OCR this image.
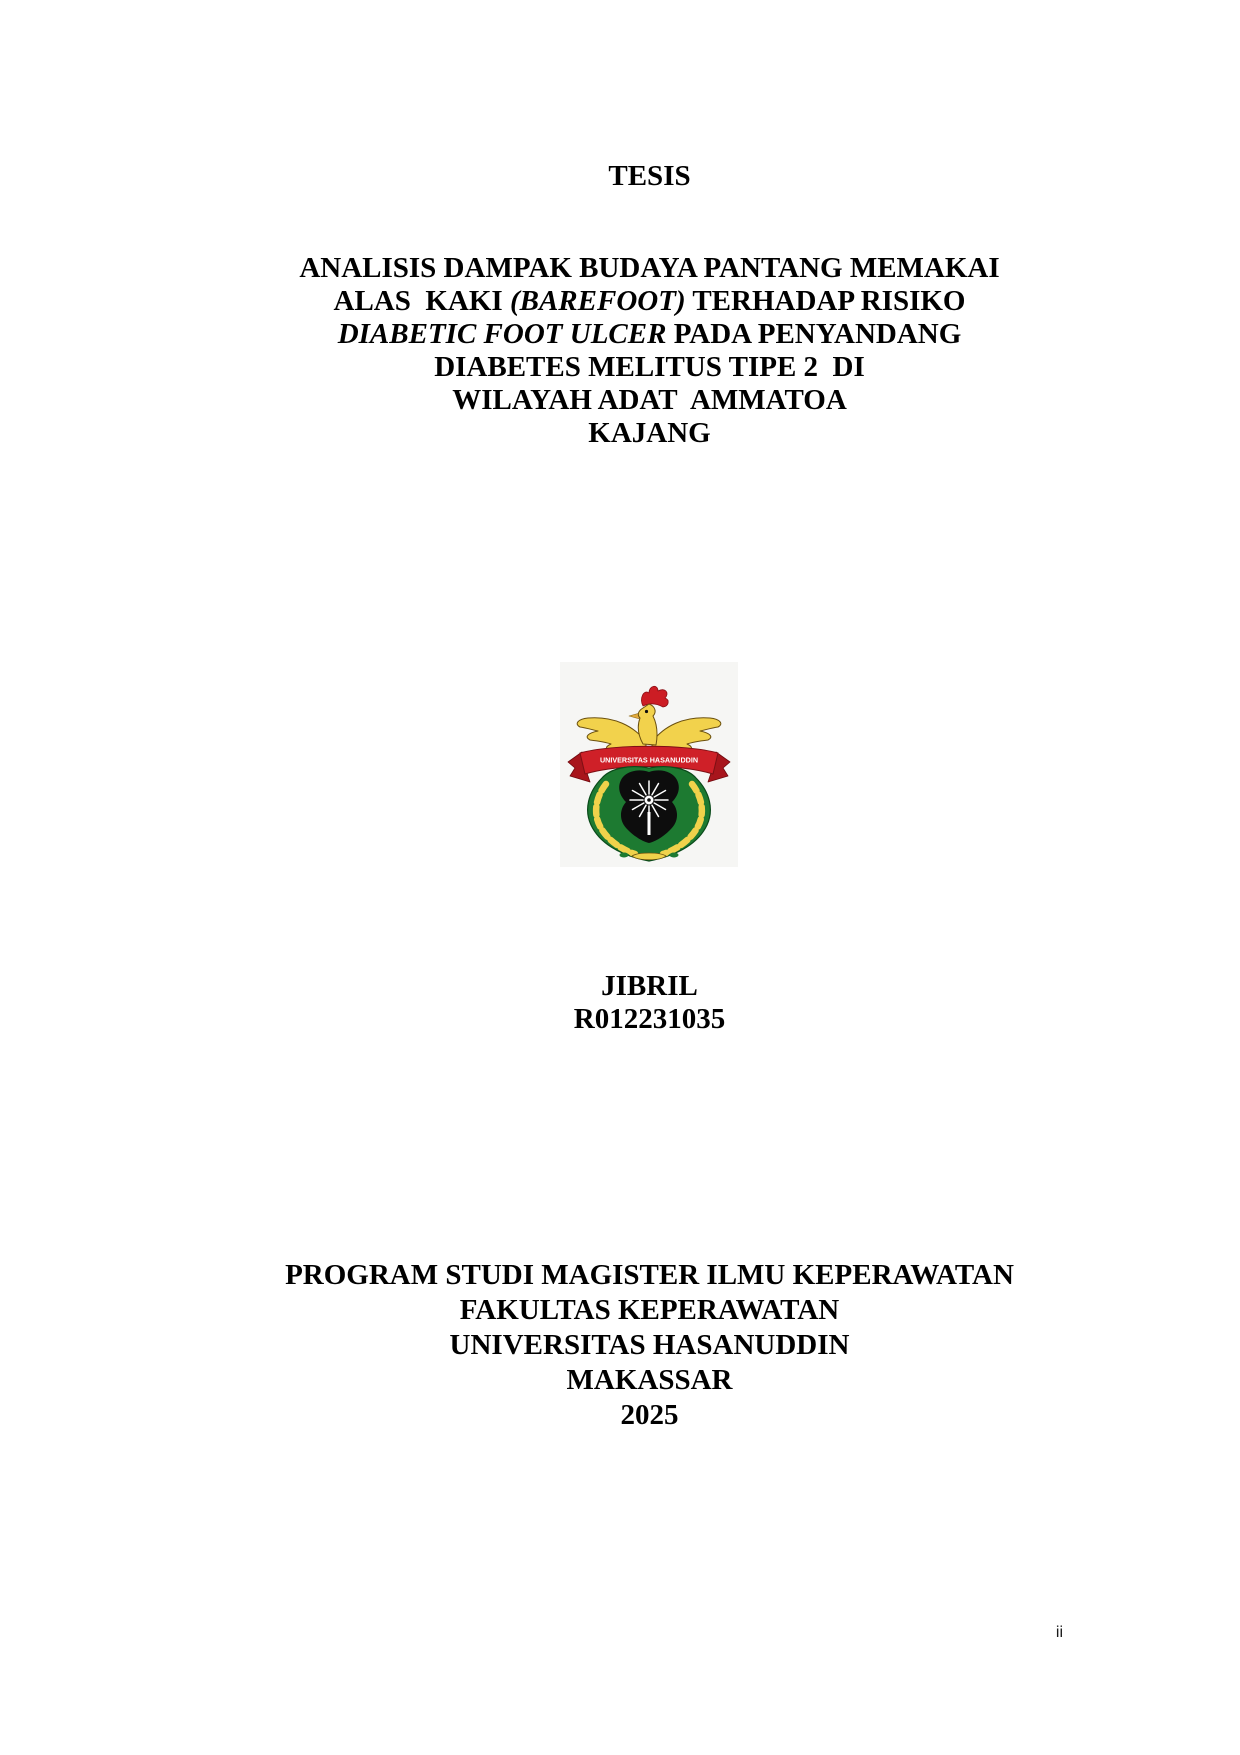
TESIS
ANALISIS DAMPAK BUDAYA PANTANG MEMAKAI
ALAS  KAKI (BAREFOOT) TERHADAP RISIKO
DIABETIC FOOT ULCER PADA PENYANDANG
DIABETES MELITUS TIPE 2  DI
WILAYAH ADAT  AMMATOA
KAJANG
UNIVERSITAS HASANUDDIN
JIBRIL
R012231035
PROGRAM STUDI MAGISTER ILMU KEPERAWATAN
FAKULTAS KEPERAWATAN
UNIVERSITAS HASANUDDIN
MAKASSAR
2025
ii
